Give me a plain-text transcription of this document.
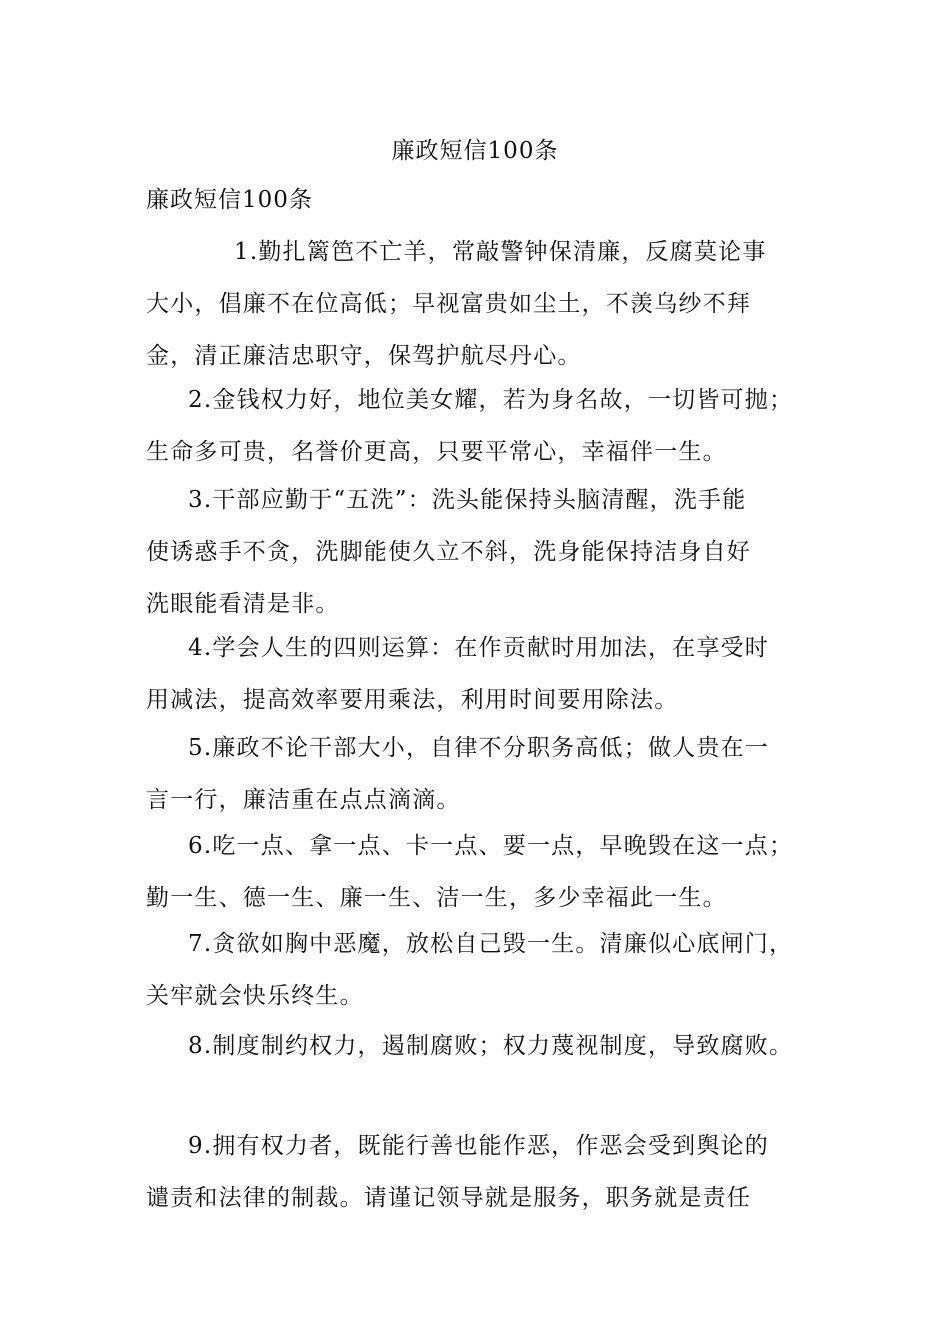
廉政短信100条
廉政短信100条
1.勤扎篱笆不亡羊，常敲警钟保清廉，反腐莫论事
大小，倡廉不在位高低；早视富贵如尘土，不羡乌纱不拜
金，清正廉洁忠职守，保驾护航尽丹心。
2.金钱权力好，地位美女耀，若为身名故，一切皆可抛；
生命多可贵，名誉价更高，只要平常心，幸福伴一生。
3.干部应勤于“五洗”：洗头能保持头脑清醒，洗手能
使诱惑手不贪，洗脚能使久立不斜，洗身能保持洁身自好
洗眼能看清是非。
4.学会人生的四则运算：在作贡献时用加法，在享受时
用减法，提高效率要用乘法，利用时间要用除法。
5.廉政不论干部大小，自律不分职务高低；做人贵在一
言一行，廉洁重在点点滴滴。
6.吃一点、拿一点、卡一点、要一点，早晚毁在这一点；
勤一生、德一生、廉一生、洁一生，多少幸福此一生。
7.贪欲如胸中恶魔，放松自己毁一生。清廉似心底闸门，
关牢就会快乐终生。
8.制度制约权力，遏制腐败；权力蔑视制度，导致腐败。
9.拥有权力者，既能行善也能作恶，作恶会受到舆论的
谴责和法律的制裁。请谨记领导就是服务，职务就是责任
